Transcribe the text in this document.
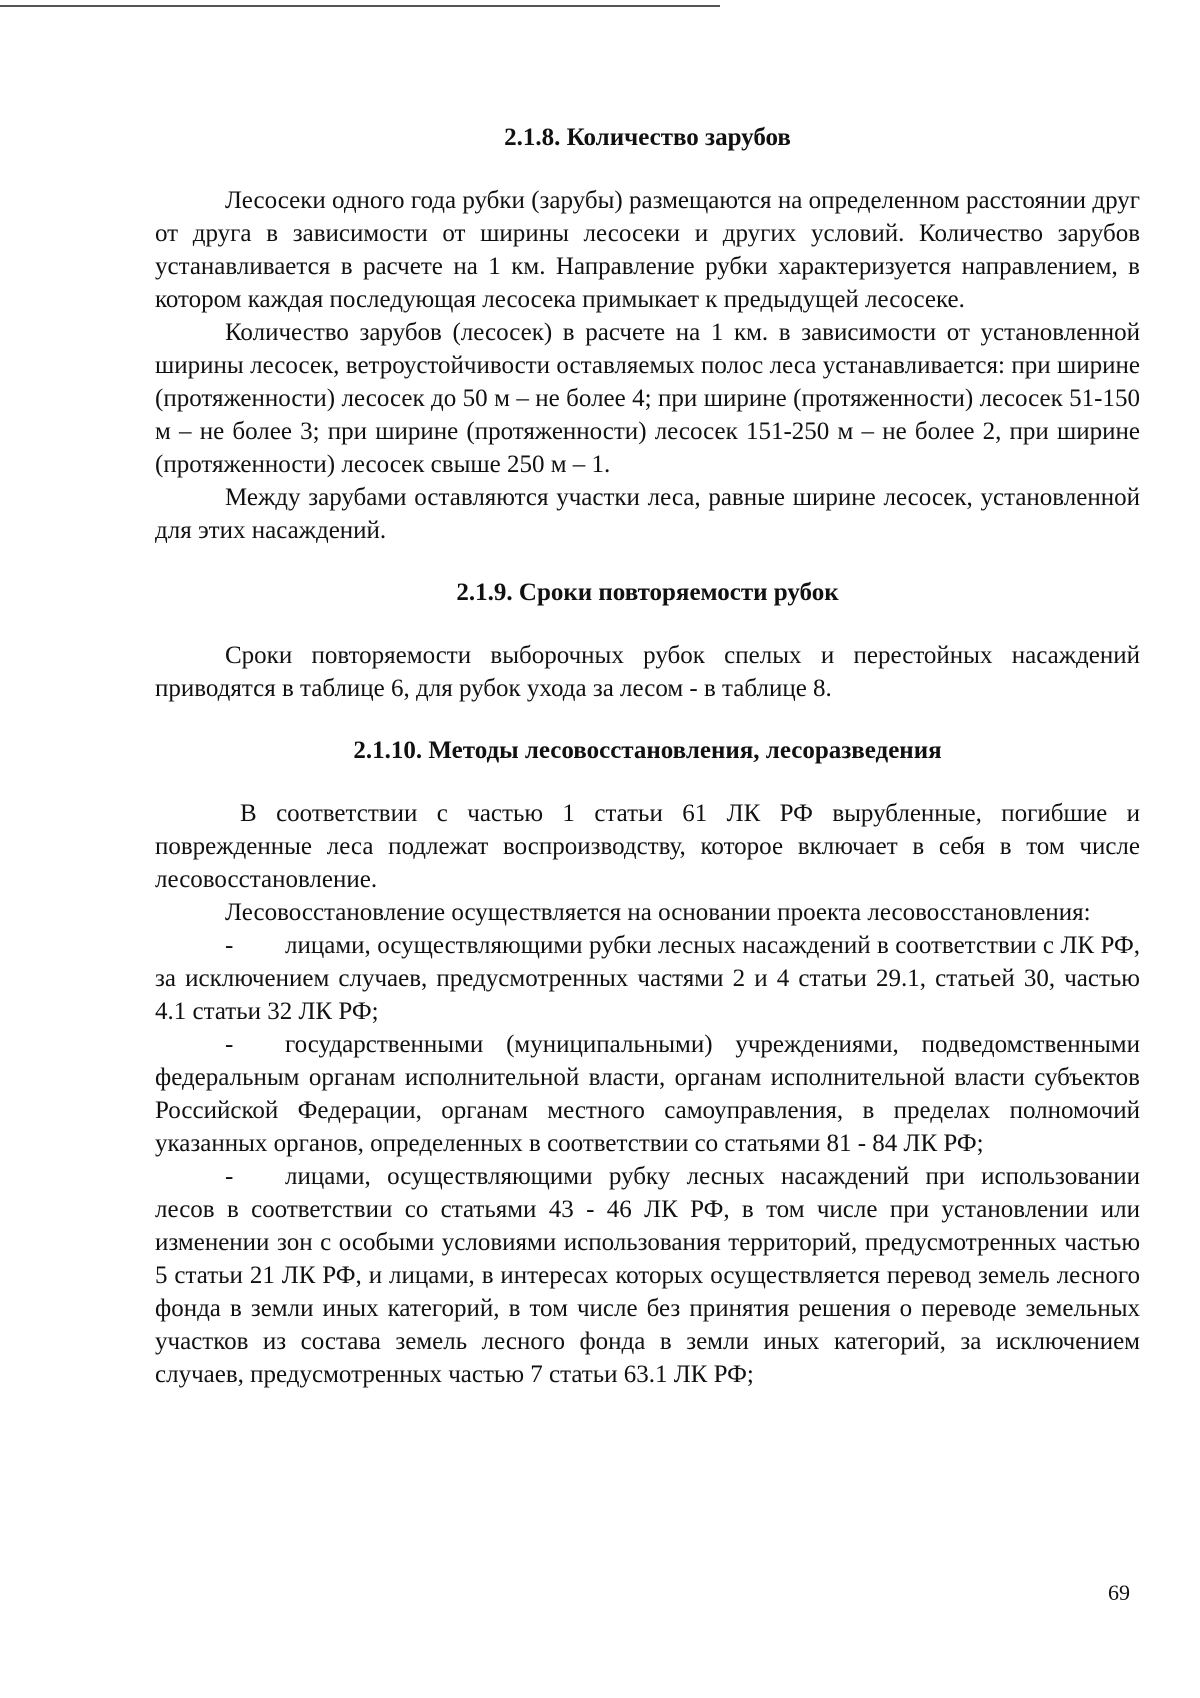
2.1.8. Количество зарубов

Лесосеки одного года рубки (зарубы) размещаются на определенном расстоянии друг от друга в зависимости от ширины лесосеки и других условий. Количество зарубов устанавливается в расчете на 1 км. Направление рубки характеризуется направлением, в котором каждая последующая лесосека примыкает к предыдущей лесосеке.

Количество зарубов (лесосек) в расчете на 1 км. в зависимости от установленной ширины лесосек, ветроустойчивости оставляемых полос леса устанавливается: при ширине (протяженности) лесосек до 50 м – не более 4; при ширине (протяженности) лесосек 51-150 м – не более 3; при ширине (протяженности) лесосек 151-250 м – не более 2, при ширине (протяженности) лесосек свыше 250 м – 1.

Между зарубами оставляются участки леса, равные ширине лесосек, установленной для этих насаждений.

2.1.9. Сроки повторяемости рубок

Сроки повторяемости выборочных рубок спелых и перестойных насаждений приводятся в таблице 6, для рубок ухода за лесом - в таблице 8.

2.1.10. Методы лесовосстановления, лесоразведения

В соответствии с частью 1 статьи 61 ЛК РФ вырубленные, погибшие и поврежденные леса подлежат воспроизводству, которое включает в себя в том числе лесовосстановление.

Лесовосстановление осуществляется на основании проекта лесовосстановления:

- лицами, осуществляющими рубки лесных насаждений в соответствии с ЛК РФ, за исключением случаев, предусмотренных частями 2 и 4 статьи 29.1, статьей 30, частью 4.1 статьи 32 ЛК РФ;

- государственными (муниципальными) учреждениями, подведомственными федеральным органам исполнительной власти, органам исполнительной власти субъектов Российской Федерации, органам местного самоуправления, в пределах полномочий указанных органов, определенных в соответствии со статьями 81 - 84 ЛК РФ;

- лицами, осуществляющими рубку лесных насаждений при использовании лесов в соответствии со статьями 43 - 46 ЛК РФ, в том числе при установлении или изменении зон с особыми условиями использования территорий, предусмотренных частью 5 статьи 21 ЛК РФ, и лицами, в интересах которых осуществляется перевод земель лесного фонда в земли иных категорий, в том числе без принятия решения о переводе земельных участков из состава земель лесного фонда в земли иных категорий, за исключением случаев, предусмотренных частью 7 статьи 63.1 ЛК РФ;

69
